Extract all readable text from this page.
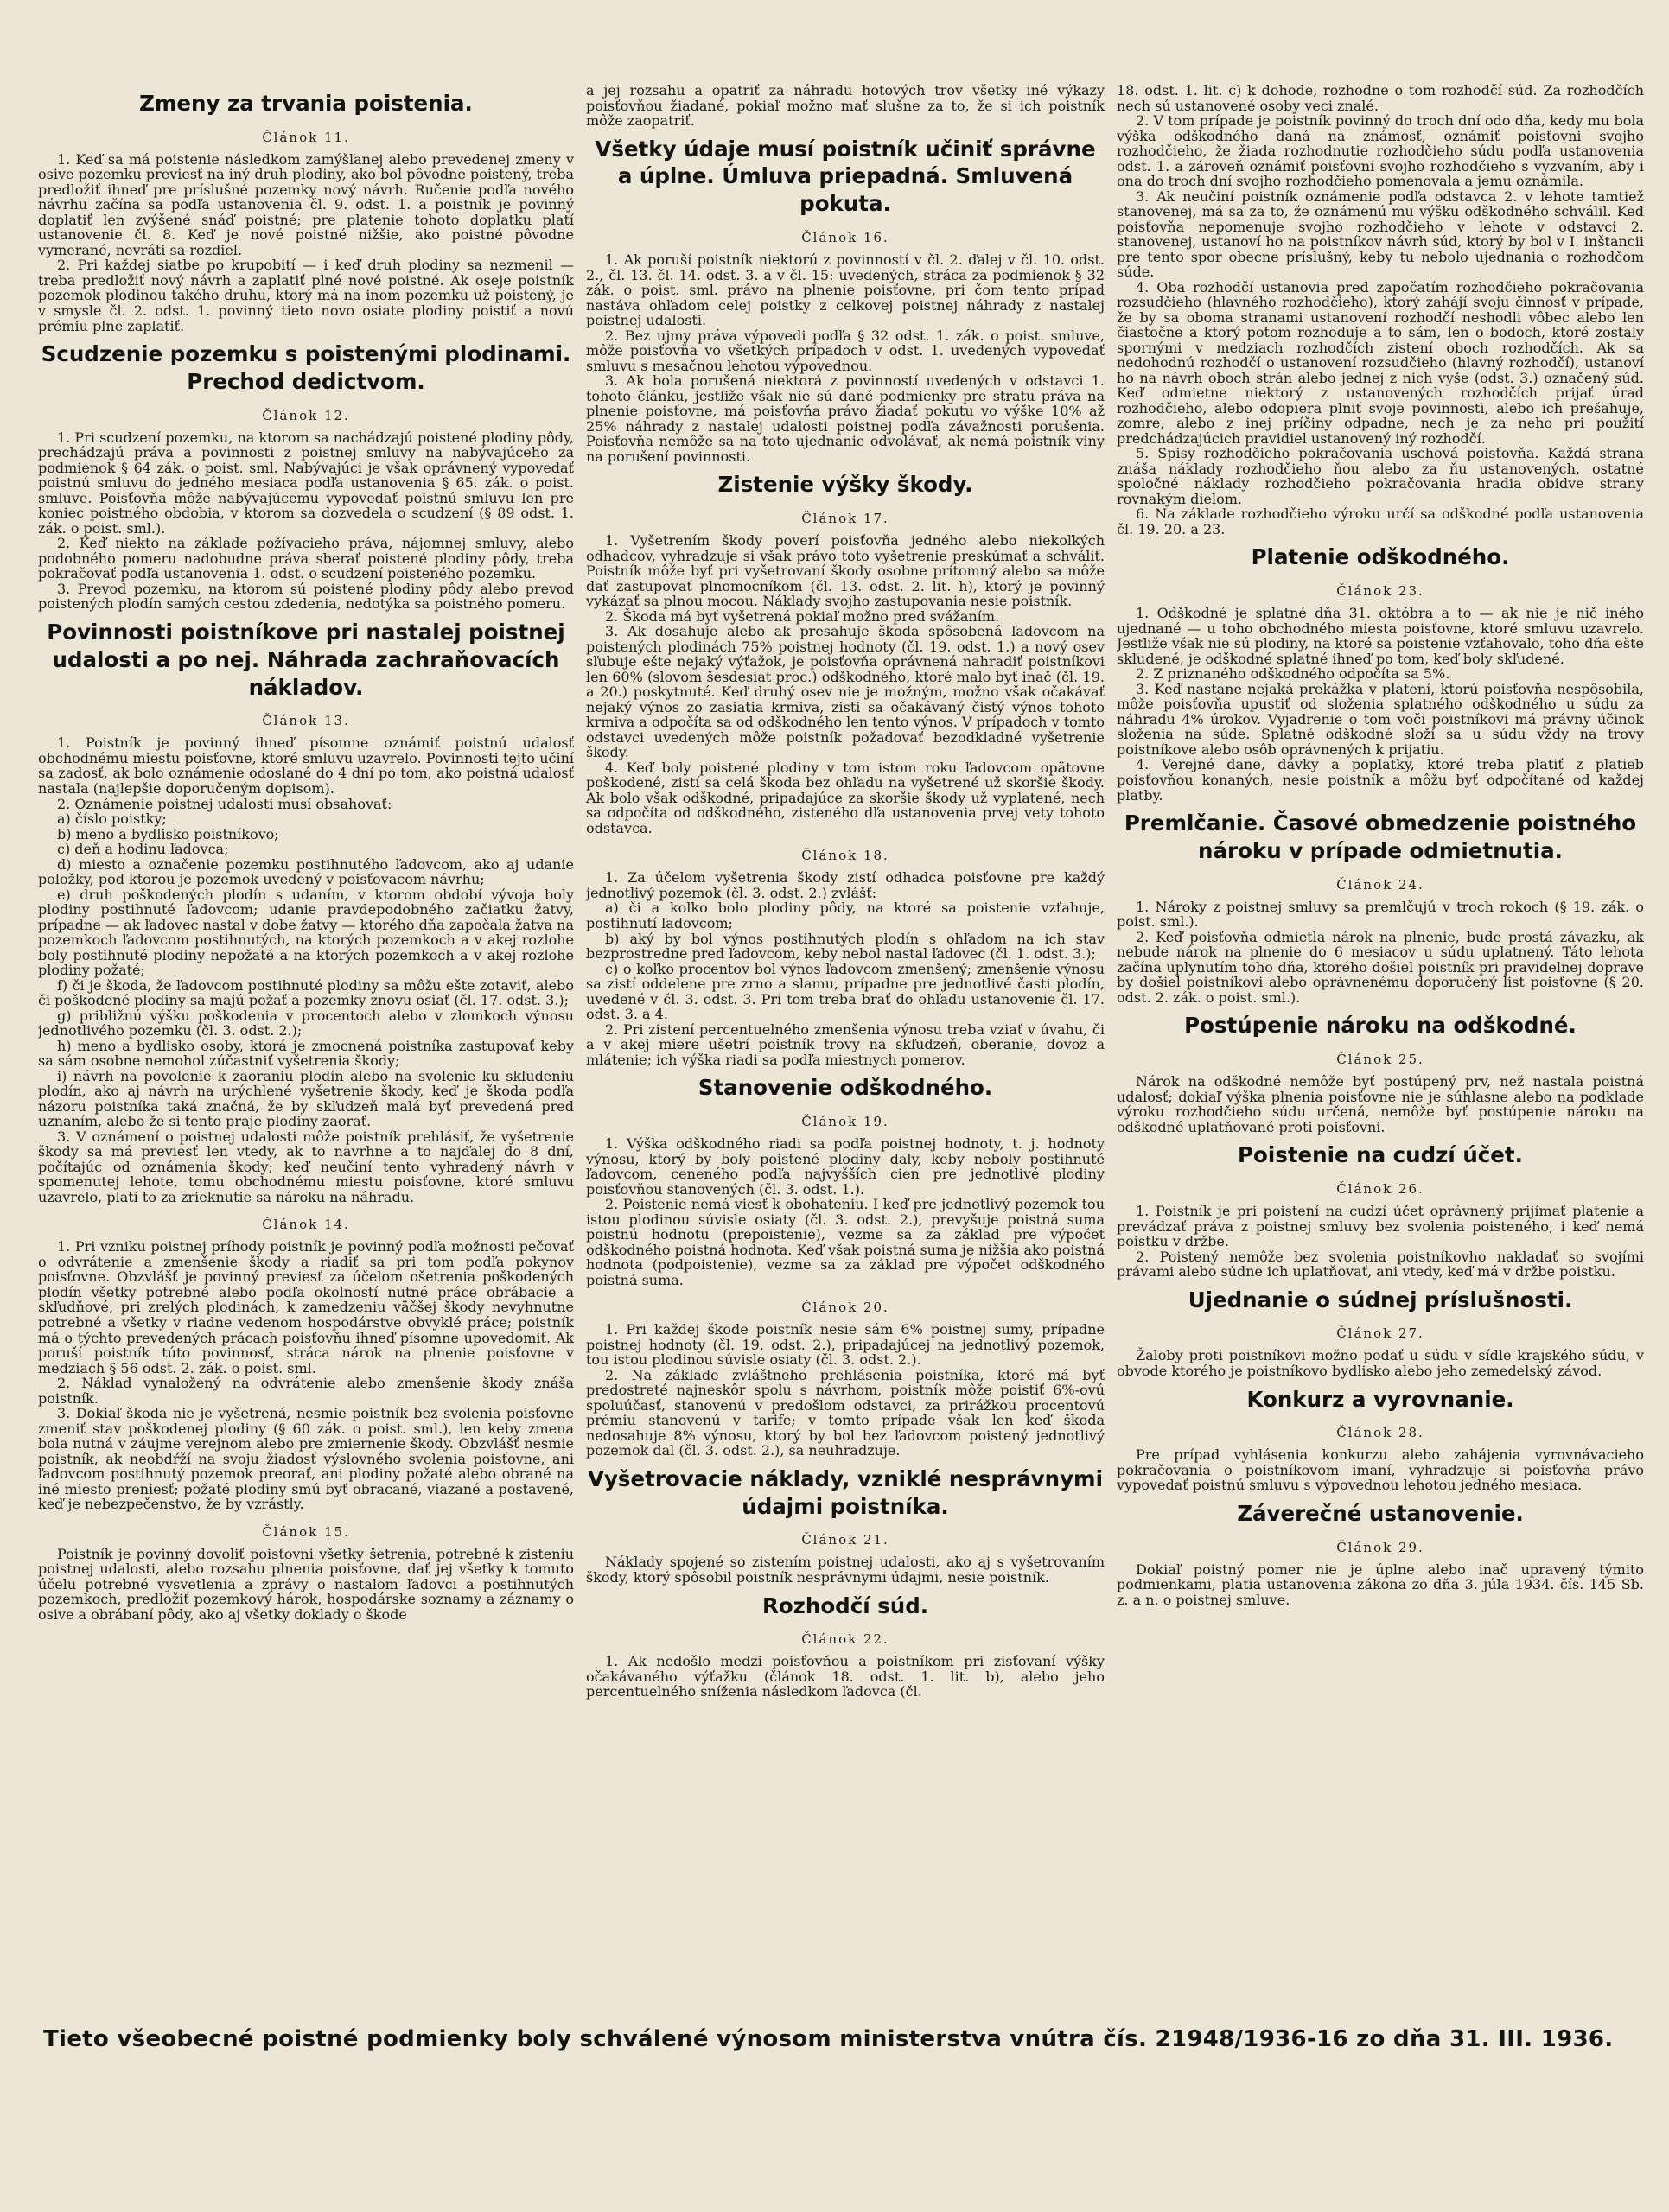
Zmeny za trvania poistenia.
Článok 11.

1. Keď sa má poistenie následkom zamýšľanej alebo prevedenej zmeny v osive pozemku previesť na iný druh plodiny, ako bol pôvodne poistený, treba predložiť ihneď pre príslušné pozemky nový návrh. Ručenie podľa nového návrhu začína sa podľa ustanovenia čl. 9. odst. 1. a poistník je povinný doplatiť len zvýšené snáď poistné; pre platenie tohoto doplatku platí ustanovenie čl. 8. Keď je nové poistné nižšie, ako poistné pôvodne vymerané, nevráti sa rozdiel.

2. Pri každej siatbe po krupobití — i keď druh plodiny sa nezmenil — treba predložiť nový návrh a zaplatiť plné nové poistné. Ak oseje poistník pozemok plodinou takého druhu, ktorý má na inom pozemku už poistený, je v smysle čl. 2. odst. 1. povinný tieto novo osiate plodiny poistiť a novú prémiu plne zaplatiť.

Scudzenie pozemku s poistenými plodinami. Prechod dedictvom.
Článok 12.

1. Pri scudzení pozemku, na ktorom sa nachádzajú poistené plodiny pôdy, prechádzajú práva a povinnosti z poistnej smluvy na nabývajúceho za podmienok § 64 zák. o poist. sml. Nabývajúci je však oprávnený vypovedať poistnú smluvu do jedného mesiaca podľa ustanovenia § 65. zák. o poist. smluve. Poisťovňa môže nabývajúcemu vypovedať poistnú smluvu len pre koniec poistného obdobia, v ktorom sa dozvedela o scudzení (§ 89 odst. 1. zák. o poist. sml.).

2. Keď niekto na základe požívacieho práva, nájomnej smluvy, alebo podobného pomeru nadobudne práva sberať poistené plodiny pôdy, treba pokračovať podľa ustanovenia 1. odst. o scudzení poisteného pozemku.

3. Prevod pozemku, na ktorom sú poistené plodiny pôdy alebo prevod poistených plodín samých cestou zdedenia, nedotýka sa poistného pomeru.

Povinnosti poistníkove pri nastalej poistnej udalosti a po nej. Náhrada zachraňovacích nákladov.
Článok 13.

1. Poistník je povinný ihneď písomne oznámiť poistnú udalosť obchodnému miestu poisťovne, ktoré smluvu uzavrelo. Povinnosti tejto učiní sa zadosť, ak bolo oznámenie odoslané do 4 dní po tom, ako poistná udalosť nastala (najlepšie doporučeným dopisom).

2. Oznámenie poistnej udalosti musí obsahovať:

a) číslo poistky;

b) meno a bydlisko poistníkovo;

c) deň a hodinu ľadovca;

d) miesto a označenie pozemku postihnutého ľadovcom, ako aj udanie položky, pod ktorou je pozemok uvedený v poisťovacom návrhu;

e) druh poškodených plodín s udaním, v ktorom období vývoja boly plodiny postihnuté ľadovcom; udanie pravdepodobného začiatku žatvy, prípadne — ak ľadovec nastal v dobe žatvy — ktorého dňa započala žatva na pozemkoch ľadovcom postihnutých, na ktorých pozemkoch a v akej rozlohe boly postihnuté plodiny nepožaté a na ktorých pozemkoch a v akej rozlohe plodiny požaté;

f) či je škoda, že ľadovcom postihnuté plodiny sa môžu ešte zotaviť, alebo či poškodené plodiny sa majú požať a pozemky znovu osiať (čl. 17. odst. 3.);

g) približnú výšku poškodenia v procentoch alebo v zlomkoch výnosu jednotlivého pozemku (čl. 3. odst. 2.);

h) meno a bydlisko osoby, ktorá je zmocnená poistníka zastupovať keby sa sám osobne nemohol zúčastniť vyšetrenia škody;

i) návrh na povolenie k zaoraniu plodín alebo na svolenie ku skľudeniu plodín, ako aj návrh na urýchlené vyšetrenie škody, keď je škoda podľa názoru poistníka taká značná, že by skľudzeň malá byť prevedená pred uznaním, alebo že si tento praje plodiny zaorať.

3. V oznámení o poistnej udalosti môže poistník prehlásiť, že vyšetrenie škody sa má previesť len vtedy, ak to navrhne a to najďalej do 8 dní, počítajúc od oznámenia škody; keď neučiní tento vyhradený návrh v spomenutej lehote, tomu obchodnému miestu poisťovne, ktoré smluvu uzavrelo, platí to za zrieknutie sa nároku na náhradu.

Článok 14.

1. Pri vzniku poistnej príhody poistník je povinný podľa možnosti pečovať o odvrátenie a zmenšenie škody a riadiť sa pri tom podľa pokynov poisťovne. Obzvlášť je povinný previesť za účelom ošetrenia poškodených plodín všetky potrebné alebo podľa okolností nutné práce obrábacie a skľudňové, pri zrelých plodinách, k zamedzeniu väčšej škody nevyhnutne potrebné a všetky v riadne vedenom hospodárstve obvyklé práce; poistník má o týchto prevedených prácach poisťovňu ihneď písomne upovedomiť. Ak poruší poistník túto povinnosť, stráca nárok na plnenie poisťovne v medziach § 56 odst. 2. zák. o poist. sml.

2. Náklad vynaložený na odvrátenie alebo zmenšenie škody znáša poistník.

3. Dokiaľ škoda nie je vyšetrená, nesmie poistník bez svolenia poisťovne zmeniť stav poškodenej plodiny (§ 60 zák. o poist. sml.), len keby zmena bola nutná v záujme verejnom alebo pre zmiernenie škody. Obzvlášť nesmie poistník, ak neobdŕží na svoju žiadosť výslovného svolenia poisťovne, ani ľadovcom postihnutý pozemok preorať, ani plodiny požaté alebo obrané na iné miesto preniesť; požaté plodiny smú byť obracané, viazané a postavené, keď je nebezpečenstvo, že by vzrástly.

Článok 15.

Poistník je povinný dovoliť poisťovni všetky šetrenia, potrebné k zisteniu poistnej udalosti, alebo rozsahu plnenia poisťovne, dať jej všetky k tomuto účelu potrebné vysvetlenia a zprávy o nastalom ľadovci a postihnutých pozemkoch, predložiť pozemkový hárok, hospodárske soznamy a záznamy o osive a obrábaní pôdy, ako aj všetky doklady o škode

a jej rozsahu a opatriť za náhradu hotových trov všetky iné výkazy poisťovňou žiadané, pokiaľ možno mať slušne za to, že si ich poistník môže zaopatriť.

Všetky údaje musí poistník učiniť správne a úplne. Úmluva priepadná. Smluvená pokuta.
Článok 16.

1. Ak poruší poistník niektorú z povinností v čl. 2. ďalej v čl. 10. odst. 2., čl. 13. čl. 14. odst. 3. a v čl. 15: uvedených, stráca za podmienok § 32 zák. o poist. sml. právo na plnenie poisťovne, pri čom tento prípad nastáva ohľadom celej poistky z celkovej poistnej náhrady z nastalej poistnej udalosti.

2. Bez ujmy práva výpovedi podľa § 32 odst. 1. zák. o poist. smluve, môže poisťovňa vo všetkých prípadoch v odst. 1. uvedených vypovedať smluvu s mesačnou lehotou výpovednou.

3. Ak bola porušená niektorá z povinností uvedených v odstavci 1. tohoto článku, jestliže však nie sú dané podmienky pre stratu práva na plnenie poisťovne, má poisťovňa právo žiadať pokutu vo výške 10% až 25% náhrady z nastalej udalosti poistnej podľa závažnosti porušenia. Poisťovňa nemôže sa na toto ujednanie odvolávať, ak nemá poistník viny na porušení povinnosti.

Zistenie výšky škody.
Článok 17.

1. Vyšetrením škody poverí poisťovňa jedného alebo niekoľkých odhadcov, vyhradzuje si však právo toto vyšetrenie preskúmať a schváliť. Poistník môže byť pri vyšetrovaní škody osobne prítomný alebo sa môže dať zastupovať plnomocníkom (čl. 13. odst. 2. lit. h), ktorý je povinný vykázať sa plnou mocou. Náklady svojho zastupovania nesie poistník.

2. Škoda má byť vyšetrená pokiaľ možno pred svážaním.

3. Ak dosahuje alebo ak presahuje škoda spôsobená ľadovcom na poistených plodinách 75% poistnej hodnoty (čl. 19. odst. 1.) a nový osev sľubuje ešte nejaký výťažok, je poisťovňa oprávnená nahradiť poistníkovi len 60% (slovom šesdesiat proc.) odškodného, ktoré malo byť inač (čl. 19. a 20.) poskytnuté. Keď druhý osev nie je možným, možno však očakávať nejaký výnos zo zasiatia krmiva, zisti sa očakávaný čistý výnos tohoto krmiva a odpočíta sa od odškodného len tento výnos. V prípadoch v tomto odstavci uvedených môže poistník požadovať bezodkladné vyšetrenie škody.

4. Keď boly poistené plodiny v tom istom roku ľadovcom opätovne poškodené, zistí sa celá škoda bez ohľadu na vyšetrené už skoršie škody. Ak bolo však odškodné, pripadajúce za skoršie škody už vyplatené, nech sa odpočíta od odškodného, zisteného dľa ustanovenia prvej vety tohoto odstavca.

Článok 18.

1. Za účelom vyšetrenia škody zistí odhadca poisťovne pre každý jednotlivý pozemok (čl. 3. odst. 2.) zvlášť:

a) či a koľko bolo plodiny pôdy, na ktoré sa poistenie vzťahuje, postihnutí ľadovcom;

b) aký by bol výnos postihnutých plodín s ohľadom na ich stav bezprostredne pred ľadovcom, keby nebol nastal ľadovec (čl. 1. odst. 3.);

c) o koľko procentov bol výnos ľadovcom zmenšený; zmenšenie výnosu sa zistí oddelene pre zrno a slamu, prípadne pre jednotlivé časti plodín, uvedené v čl. 3. odst. 3. Pri tom treba brať do ohľadu ustanovenie čl. 17. odst. 3. a 4.

2. Pri zistení percentuelného zmenšenia výnosu treba vziať v úvahu, či a v akej miere ušetrí poistník trovy na skľudzeň, oberanie, dovoz a mlátenie; ich výška riadi sa podľa miestnych pomerov.

Stanovenie odškodného.
Článok 19.

1. Výška odškodného riadi sa podľa poistnej hodnoty, t. j. hodnoty výnosu, ktorý by boly poistené plodiny daly, keby neboly postihnuté ľadovcom, ceneného podľa najvyšších cien pre jednotlivé plodiny poisťovňou stanovených (čl. 3. odst. 1.).

2. Poistenie nemá viesť k obohateniu. I keď pre jednotlivý pozemok tou istou plodinou súvisle osiaty (čl. 3. odst. 2.), prevyšuje poistná suma poistnú hodnotu (prepoistenie), vezme sa za základ pre výpočet odškodného poistná hodnota. Keď však poistná suma je nižšia ako poistná hodnota (podpoistenie), vezme sa za základ pre výpočet odškodného poistná suma.

Článok 20.

1. Pri každej škode poistník nesie sám 6% poistnej sumy, prípadne poistnej hodnoty (čl. 19. odst. 2.), pripadajúcej na jednotlivý pozemok, tou istou plodinou súvisle osiaty (čl. 3. odst. 2.).

2. Na základe zvláštneho prehlásenia poistníka, ktoré má byť predostreté najneskôr spolu s návrhom, poistník môže poistiť 6%-ovú spoluúčasť, stanovenú v predošlom odstavci, za prirážkou procentovú prémiu stanovenú v tarife; v tomto prípade však len keď škoda nedosahuje 8% výnosu, ktorý by bol bez ľadovcom poistený jednotlivý pozemok dal (čl. 3. odst. 2.), sa neuhradzuje.

Vyšetrovacie náklady, vzniklé nesprávnymi údajmi poistníka.
Článok 21.

Náklady spojené so zistením poistnej udalosti, ako aj s vyšetrovaním škody, ktorý spôsobil poistník nesprávnymi údajmi, nesie poistník.

Rozhodčí súd.
Článok 22.

1. Ak nedošlo medzi poisťovňou a poistníkom pri zisťovaní výšky očakávaného výťažku (článok 18. odst. 1. lit. b), alebo jeho percentuelného sníženia následkom ľadovca (čl.

18. odst. 1. lit. c) k dohode, rozhodne o tom rozhodčí súd. Za rozhodčích nech sú ustanovené osoby veci znalé.

2. V tom prípade je poistník povinný do troch dní odo dňa, kedy mu bola výška odškodného daná na známosť, oznámiť poisťovni svojho rozhodčieho, že žiada rozhodnutie rozhodčieho súdu podľa ustanovenia odst. 1. a zároveň oznámiť poisťovni svojho rozhodčieho s vyzvaním, aby i ona do troch dní svojho rozhodčieho pomenovala a jemu oznámila.

3. Ak neučiní poistník oznámenie podľa odstavca 2. v lehote tamtiež stanovenej, má sa za to, že oznámenú mu výšku odškodného schválil. Keď poisťovňa nepomenuje svojho rozhodčieho v lehote v odstavci 2. stanovenej, ustanoví ho na poistníkov návrh súd, ktorý by bol v I. inštancii pre tento spor obecne príslušný, keby tu nebolo ujednania o rozhodčom súde.

4. Oba rozhodčí ustanovia pred započatím rozhodčieho pokračovania rozsudčieho (hlavného rozhodčieho), ktorý zahájí svoju činnosť v prípade, že by sa oboma stranami ustanovení rozhodčí neshodli vôbec alebo len čiastočne a ktorý potom rozhoduje a to sám, len o bodoch, ktoré zostaly spornými v medziach rozhodčích zistení oboch rozhodčích. Ak sa nedohodnú rozhodčí o ustanovení rozsudčieho (hlavný rozhodčí), ustanoví ho na návrh oboch strán alebo jednej z nich vyše (odst. 3.) označený súd. Keď odmietne niektorý z ustanovených rozhodčích prijať úrad rozhodčieho, alebo odopiera plniť svoje povinnosti, alebo ich prešahuje, zomre, alebo z inej príčiny odpadne, nech je za neho pri použití predchádzajúcich pravidiel ustanovený iný rozhodčí.

5. Spisy rozhodčieho pokračovania uschová poisťovňa. Každá strana znáša náklady rozhodčieho ňou alebo za ňu ustanovených, ostatné spoločné náklady rozhodčieho pokračovania hradia obidve strany rovnakým dielom.

6. Na základe rozhodčieho výroku určí sa odškodné podľa ustanovenia čl. 19. 20. a 23.

Platenie odškodného.
Článok 23.

1. Odškodné je splatné dňa 31. októbra a to — ak nie je nič iného ujednané — u toho obchodného miesta poisťovne, ktoré smluvu uzavrelo. Jestliže však nie sú plodiny, na ktoré sa poistenie vzťahovalo, toho dňa ešte skľudené, je odškodné splatné ihneď po tom, keď boly skľudené.

2. Z priznaného odškodného odpočíta sa 5%.

3. Keď nastane nejaká prekážka v platení, ktorú poisťovňa nespôsobila, môže poisťovňa upustiť od složenia splatného odškodného u súdu za náhradu 4% úrokov. Vyjadrenie o tom voči poistníkovi má právny účinok složenia na súde. Splatné odškodné složí sa u súdu vždy na trovy poistníkove alebo osôb oprávnených k prijatiu.

4. Verejné dane, dávky a poplatky, ktoré treba platiť z platieb poisťovňou konaných, nesie poistník a môžu byť odpočítané od každej platby.

Premlčanie. Časové obmedzenie poistného nároku v prípade odmietnutia.
Článok 24.

1. Nároky z poistnej smluvy sa premlčujú v troch rokoch (§ 19. zák. o poist. sml.).

2. Keď poisťovňa odmietla nárok na plnenie, bude prostá závazku, ak nebude nárok na plnenie do 6 mesiacov u súdu uplatnený. Táto lehota začína uplynutím toho dňa, ktorého došiel poistník pri pravidelnej doprave by došiel poistníkovi alebo oprávnenému doporučený list poisťovne (§ 20. odst. 2. zák. o poist. sml.).

Postúpenie nároku na odškodné.
Článok 25.

Nárok na odškodné nemôže byť postúpený prv, než nastala poistná udalosť; dokiaľ výška plnenia poisťovne nie je súhlasne alebo na podklade výroku rozhodčieho súdu určená, nemôže byť postúpenie nároku na odškodné uplatňované proti poisťovni.

Poistenie na cudzí účet.
Článok 26.

1. Poistník je pri poistení na cudzí účet oprávnený prijímať platenie a prevádzať práva z poistnej smluvy bez svolenia poisteného, i keď nemá poistku v držbe.

2. Poistený nemôže bez svolenia poistníkovho nakladať so svojími právami alebo súdne ich uplatňovať, ani vtedy, keď má v držbe poistku.

Ujednanie o súdnej príslušnosti.
Článok 27.

Žaloby proti poistníkovi možno podať u súdu v sídle krajského súdu, v obvode ktorého je poistníkovo bydlisko alebo jeho zemedelský závod.

Konkurz a vyrovnanie.
Článok 28.

Pre prípad vyhlásenia konkurzu alebo zahájenia vyrovnávacieho pokračovania o poistníkovom imaní, vyhradzuje si poisťovňa právo vypovedať poistnú smluvu s výpovednou lehotou jedného mesiaca.

Záverečné ustanovenie.
Článok 29.

Dokiaľ poistný pomer nie je úplne alebo inač upravený týmito podmienkami, platia ustanovenia zákona zo dňa 3. júla 1934. čís. 145 Sb. z. a n. o poistnej smluve.

Tieto všeobecné poistné podmienky boly schválené výnosom ministerstva vnútra čís. 21948/1936-16 zo dňa 31. III. 1936.
